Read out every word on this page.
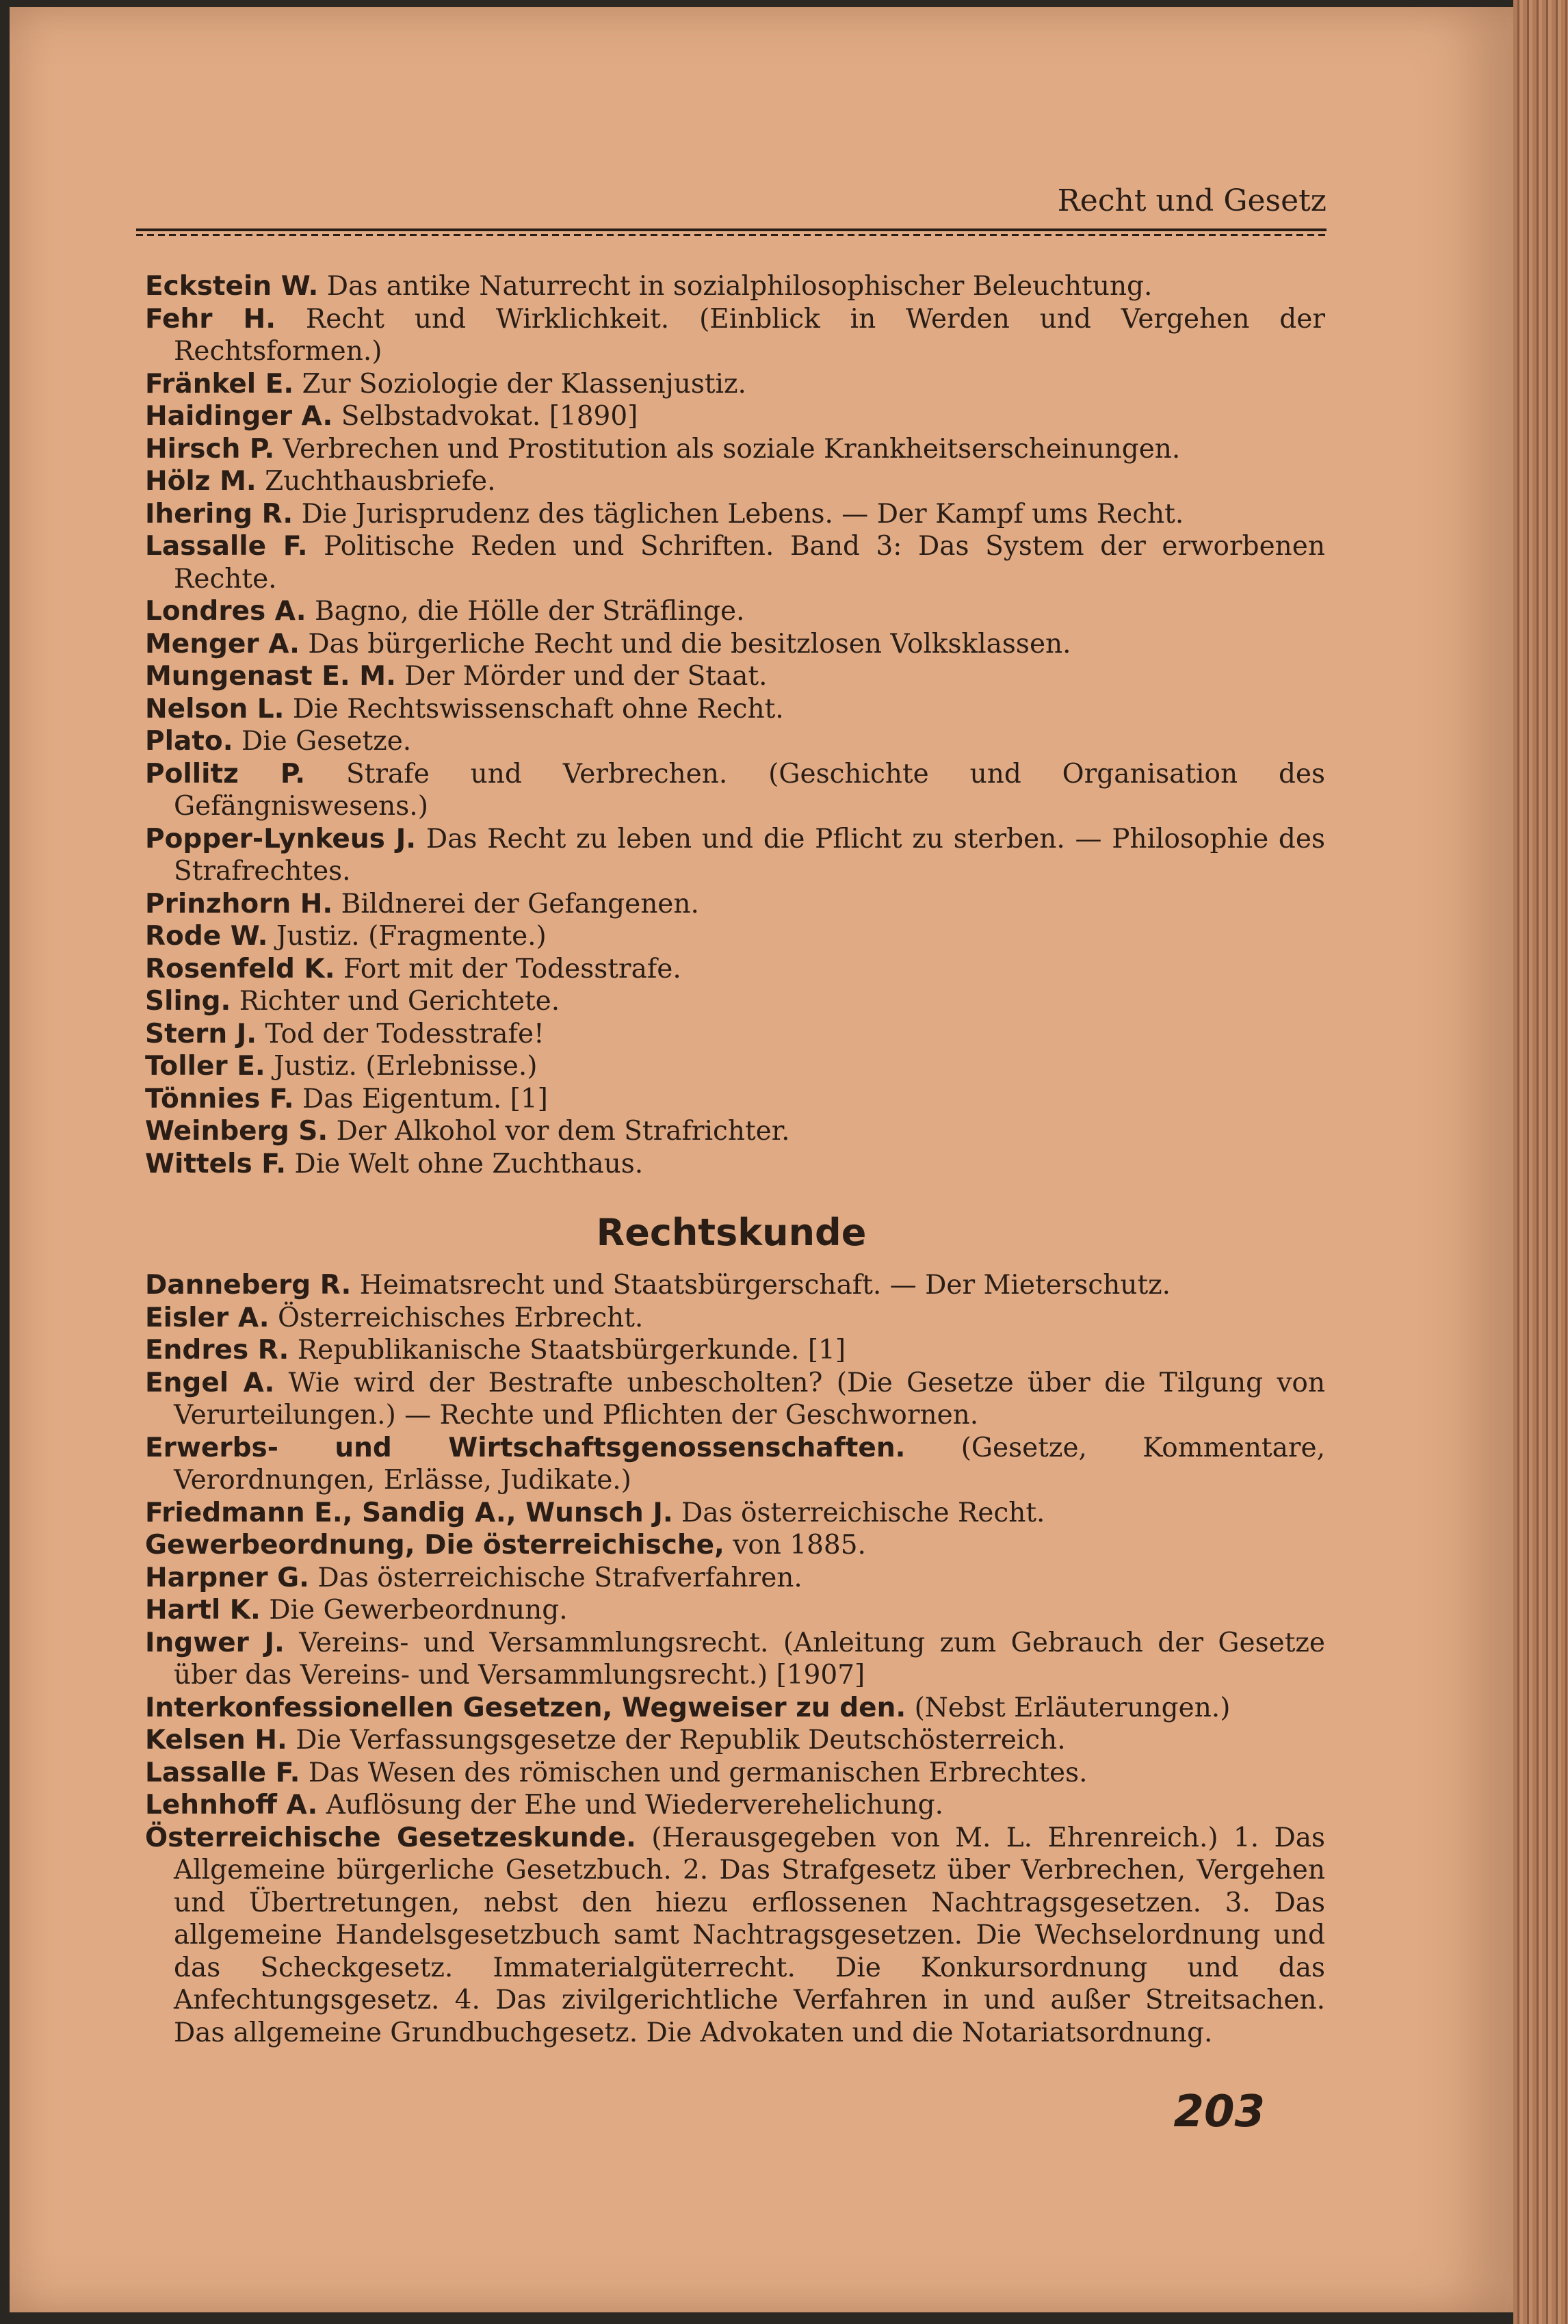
Recht und Gesetz

Eckstein W. Das antike Naturrecht in sozialphilosophischer Beleuchtung.

Fehr H. Recht und Wirklichkeit. (Einblick in Werden und Vergehen der Rechtsformen.)

Fränkel E. Zur Soziologie der Klassenjustiz.

Haidinger A. Selbstadvokat. [1890]

Hirsch P. Verbrechen und Prostitution als soziale Krankheitserscheinungen.

Hölz M. Zuchthausbriefe.

Ihering R. Die Jurisprudenz des täglichen Lebens. — Der Kampf ums Recht.

Lassalle F. Politische Reden und Schriften. Band 3: Das System der erworbenen Rechte.

Londres A. Bagno, die Hölle der Sträflinge.

Menger A. Das bürgerliche Recht und die besitzlosen Volksklassen.

Mungenast E. M. Der Mörder und der Staat.

Nelson L. Die Rechtswissenschaft ohne Recht.

Plato. Die Gesetze.

Pollitz P. Strafe und Verbrechen. (Geschichte und Organisation des Gefängniswesens.)

Popper-Lynkeus J. Das Recht zu leben und die Pflicht zu sterben. — Philosophie des Strafrechtes.

Prinzhorn H. Bildnerei der Gefangenen.

Rode W. Justiz. (Fragmente.)

Rosenfeld K. Fort mit der Todesstrafe.

Sling. Richter und Gerichtete.

Stern J. Tod der Todesstrafe!

Toller E. Justiz. (Erlebnisse.)

Tönnies F. Das Eigentum. [1]

Weinberg S. Der Alkohol vor dem Strafrichter.

Wittels F. Die Welt ohne Zuchthaus.

Rechtskunde

Danneberg R. Heimatsrecht und Staatsbürgerschaft. — Der Mieterschutz.

Eisler A. Österreichisches Erbrecht.

Endres R. Republikanische Staatsbürgerkunde. [1]

Engel A. Wie wird der Bestrafte unbescholten? (Die Gesetze über die Tilgung von Verurteilungen.) — Rechte und Pflichten der Geschwornen.

Erwerbs- und Wirtschaftsgenossenschaften. (Gesetze, Kommentare, Verordnungen, Erlässe, Judikate.)

Friedmann E., Sandig A., Wunsch J. Das österreichische Recht.

Gewerbeordnung, Die österreichische, von 1885.

Harpner G. Das österreichische Strafverfahren.

Hartl K. Die Gewerbeordnung.

Ingwer J. Vereins- und Versammlungsrecht. (Anleitung zum Gebrauch der Gesetze über das Vereins- und Versammlungsrecht.) [1907]

Interkonfessionellen Gesetzen, Wegweiser zu den. (Nebst Erläuterungen.)

Kelsen H. Die Verfassungsgesetze der Republik Deutschösterreich.

Lassalle F. Das Wesen des römischen und germanischen Erbrechtes.

Lehnhoff A. Auflösung der Ehe und Wiederverehelichung.

Österreichische Gesetzeskunde. (Herausgegeben von M. L. Ehrenreich.) 1. Das Allgemeine bürgerliche Gesetzbuch. 2. Das Strafgesetz über Verbrechen, Vergehen und Übertretungen, nebst den hiezu erflossenen Nachtragsgesetzen. 3. Das allgemeine Handelsgesetzbuch samt Nachtragsgesetzen. Die Wechselordnung und das Scheckgesetz. Immaterialgüterrecht. Die Konkursordnung und das Anfechtungsgesetz. 4. Das zivilgerichtliche Verfahren in und außer Streitsachen. Das allgemeine Grundbuchgesetz. Die Advokaten und die Notariatsordnung.

203
